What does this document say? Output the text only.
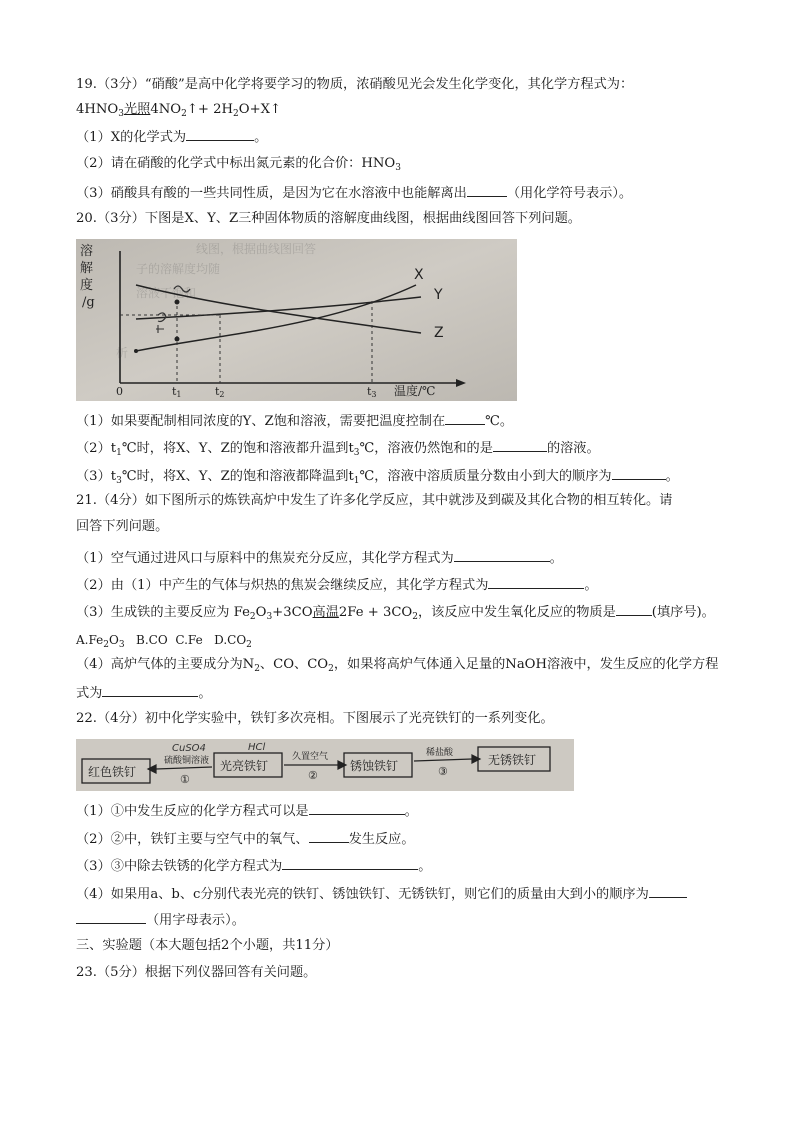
19.（3分）“硝酸”是高中化学将要学习的物质，浓硝酸见光会发生化学变化，其化学方程式为：
$4HNO_3$光照$4NO_2↑+$ $2H_2O+X↑$
（1）X的化学式为	。
（2）请在硝酸的化学式中标出氮元素的化合价：$HNO_3$
（3）硝酸具有酸的一些共同性质，是因为它在水溶液中也能解离出	（用化学符号表示）。
20.（3分）下图是X、Y、Z三种固体物质的溶解度曲线图，根据曲线图回答下列问题。
线图，根据曲线图回答
子的溶解度均随
溶液不饱和
析
溶
解
度
/g
X
Y
Z
0	t1	t2	t3 温度/℃
（1）如果要配制相同浓度的Y、Z饱和溶液，需要把温度控制在	℃。
$(2)t_1℃$时，将X、Y、Z的饱和溶液都升温到$t_3℃$，溶液仍然饱和的是	的溶液。
$(3)t_3℃$时，将X、Y、Z的饱和溶液都降温到$t_1℃$，溶液中溶质质量分数由小到大的顺序为	。
21.（4分）如下图所示的炼铁高炉中发生了许多化学反应，其中就涉及到碳及其化合物的相互转化。请
回答下列问题。
（1）空气通过进风口与原料中的焦炭充分反应，其化学方程式为	。
（2）由（1）中产生的气体与炽热的焦炭会继续反应，其化学方程式为	。
（3）生成铁的主要反应为 $Fe_2O_3+3CO$高温$2Fe + 3CO_2$，该反应中发生氧化反应的物质是	(填序号)。
$A.Fe_2O_3$ B.CO C.Fe $D.CO_2$
（4）高炉气体的主要成分为$N_2$、CO、$CO_2$，如果将高炉气体通入足量的NaOH溶液中，发生反应的化学方程
式为	。
22.（4分）初中化学实验中，铁钉多次亮相。下图展示了光亮铁钉的一系列变化。
红色铁钉	光亮铁钉	锈蚀铁钉	无锈铁钉
硫酸铜溶液
①
久置空气
②
稀盐酸
③
CuSO4	HCl
（1）①中发生反应的化学方程式可以是	。
（2）②中，铁钉主要与空气中的氧气、	发生反应。
（3）③中除去铁锈的化学方程式为	。
（4）如果用a、b、c分别代表光亮的铁钉、锈蚀铁钉、无锈铁钉，则它们的质量由大到小的顺序为
（用字母表示）。
三、实验题（本大题包括2个小题，共11分）
23.（5分）根据下列仪器回答有关问题。
